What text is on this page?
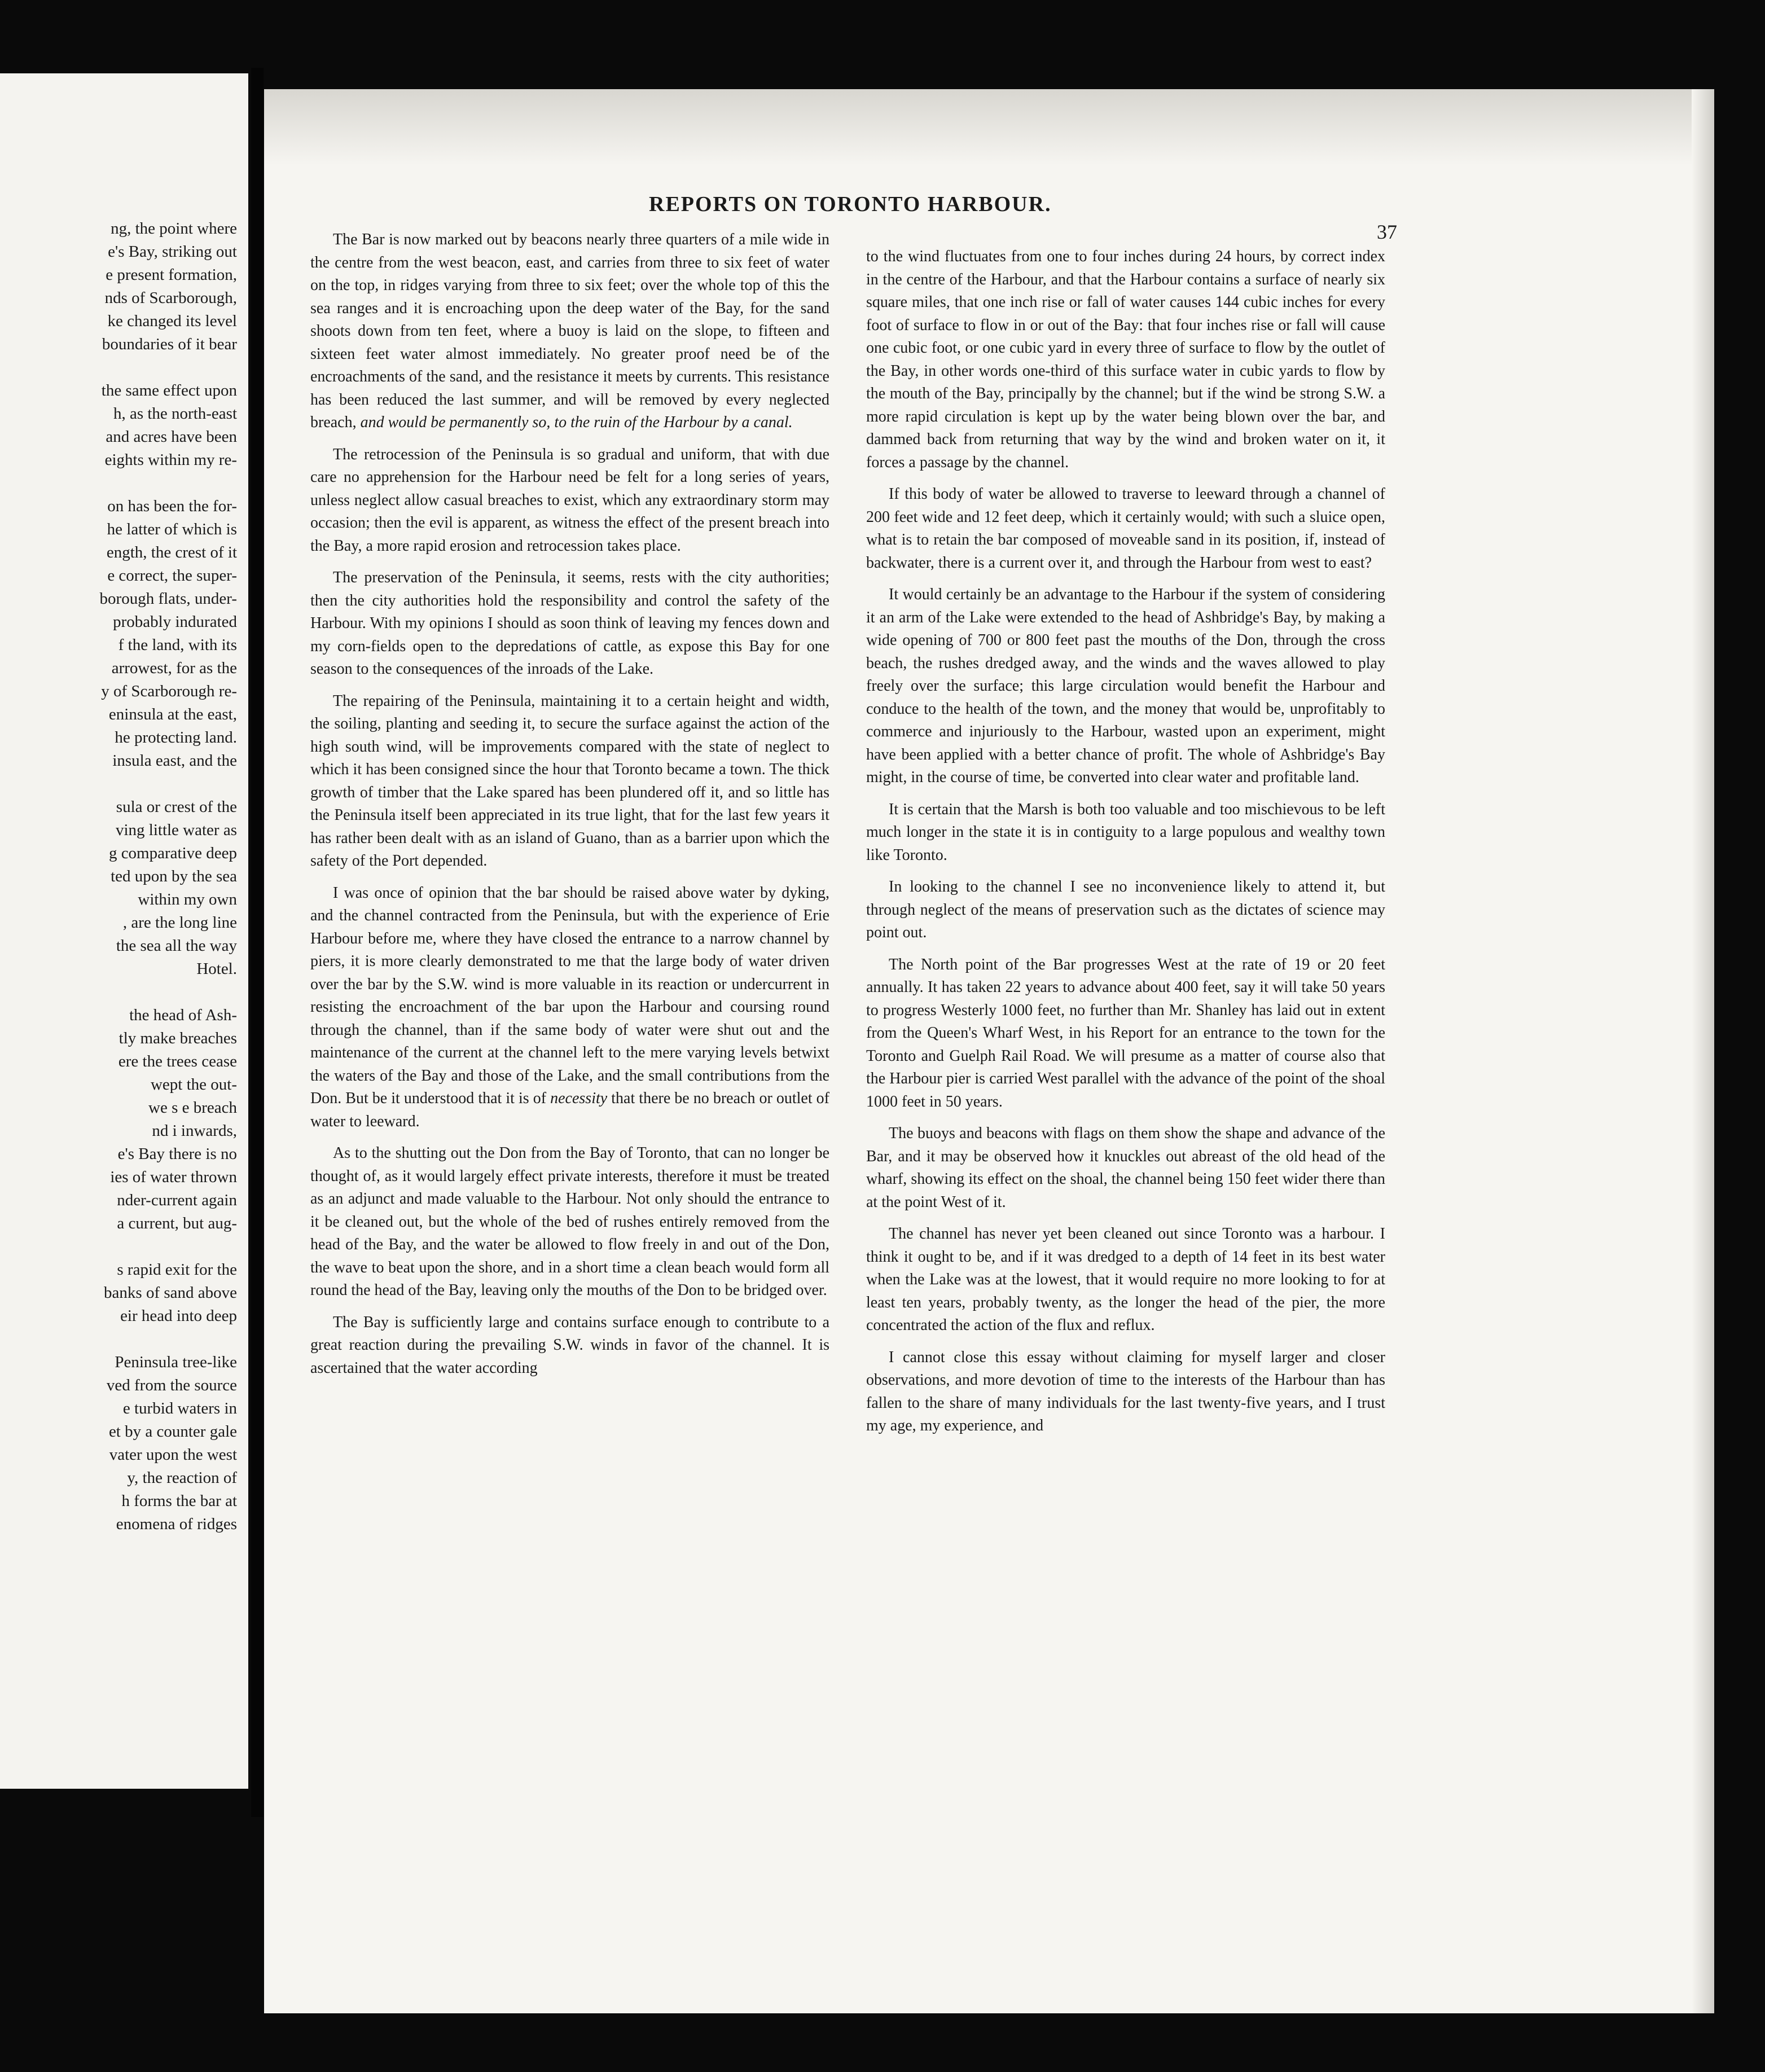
ng, the point where
e's Bay, striking out
e present formation,
nds of Scarborough,
ke changed its level
boundaries of it bear
the same effect upon
h, as the north-east
and acres have been
eights within my re-
on has been the for-
he latter of which is
ength, the crest of it
e correct, the super-
borough flats, under-
probably indurated
f the land, with its
arrowest, for as the
y of Scarborough re-
eninsula at the east,
he protecting land.
insula east, and the
sula or crest of the
ving little water as
g comparative deep
ted upon by the sea
within my own
, are the long line
the sea all the way
Hotel.
the head of Ash-
tly make breaches
ere the trees cease
wept the out-
we s e breach
nd i inwards,
e's Bay there is no
ies of water thrown
nder-current again
a current, but aug-
s rapid exit for the
banks of sand above
eir head into deep
Peninsula tree-like
ved from the source
e turbid waters in
et by a counter gale
vater upon the west
y, the reaction of
h forms the bar at
enomena of ridges
REPORTS ON TORONTO HARBOUR.
37

The Bar is now marked out by beacons nearly three quarters of a mile wide in the centre from the west beacon, east, and carries from three to six feet of water on the top, in ridges varying from three to six feet; over the whole top of this the sea ranges and it is encroaching upon the deep water of the Bay, for the sand shoots down from ten feet, where a buoy is laid on the slope, to fifteen and sixteen feet water almost immediately. No greater proof need be of the encroachments of the sand, and the resistance it meets by currents. This resistance has been reduced the last summer, and will be removed by every neglected breach, and would be permanently so, to the ruin of the Harbour by a canal.

The retrocession of the Peninsula is so gradual and uniform, that with due care no apprehension for the Harbour need be felt for a long series of years, unless neglect allow casual breaches to exist, which any extraordinary storm may occasion; then the evil is apparent, as witness the effect of the present breach into the Bay, a more rapid erosion and retrocession takes place.

The preservation of the Peninsula, it seems, rests with the city authorities; then the city authorities hold the responsibility and control the safety of the Harbour. With my opinions I should as soon think of leaving my fences down and my corn-fields open to the depredations of cattle, as expose this Bay for one season to the consequences of the inroads of the Lake.

The repairing of the Peninsula, maintaining it to a certain height and width, the soiling, planting and seeding it, to secure the surface against the action of the high south wind, will be improvements compared with the state of neglect to which it has been consigned since the hour that Toronto became a town. The thick growth of timber that the Lake spared has been plundered off it, and so little has the Peninsula itself been appreciated in its true light, that for the last few years it has rather been dealt with as an island of Guano, than as a barrier upon which the safety of the Port depended.

I was once of opinion that the bar should be raised above water by dyking, and the channel contracted from the Peninsula, but with the experience of Erie Harbour before me, where they have closed the entrance to a narrow channel by piers, it is more clearly demonstrated to me that the large body of water driven over the bar by the S.W. wind is more valuable in its reaction or undercurrent in resisting the encroachment of the bar upon the Harbour and coursing round through the channel, than if the same body of water were shut out and the maintenance of the current at the channel left to the mere varying levels betwixt the waters of the Bay and those of the Lake, and the small contributions from the Don. But be it understood that it is of necessity that there be no breach or outlet of water to leeward.

As to the shutting out the Don from the Bay of Toronto, that can no longer be thought of, as it would largely effect private interests, therefore it must be treated as an adjunct and made valuable to the Harbour. Not only should the entrance to it be cleaned out, but the whole of the bed of rushes entirely removed from the head of the Bay, and the water be allowed to flow freely in and out of the Don, the wave to beat upon the shore, and in a short time a clean beach would form all round the head of the Bay, leaving only the mouths of the Don to be bridged over.

The Bay is sufficiently large and contains surface enough to contribute to a great reaction during the prevailing S.W. winds in favor of the channel. It is ascertained that the water according

to the wind fluctuates from one to four inches during 24 hours, by correct index in the centre of the Harbour, and that the Harbour contains a surface of nearly six square miles, that one inch rise or fall of water causes 144 cubic inches for every foot of surface to flow in or out of the Bay: that four inches rise or fall will cause one cubic foot, or one cubic yard in every three of surface to flow by the outlet of the Bay, in other words one-third of this surface water in cubic yards to flow by the mouth of the Bay, principally by the channel; but if the wind be strong S.W. a more rapid circulation is kept up by the water being blown over the bar, and dammed back from returning that way by the wind and broken water on it, it forces a passage by the channel.

If this body of water be allowed to traverse to leeward through a channel of 200 feet wide and 12 feet deep, which it certainly would; with such a sluice open, what is to retain the bar composed of moveable sand in its position, if, instead of backwater, there is a current over it, and through the Harbour from west to east?

It would certainly be an advantage to the Harbour if the system of considering it an arm of the Lake were extended to the head of Ashbridge's Bay, by making a wide opening of 700 or 800 feet past the mouths of the Don, through the cross beach, the rushes dredged away, and the winds and the waves allowed to play freely over the surface; this large circulation would benefit the Harbour and conduce to the health of the town, and the money that would be, unprofitably to commerce and injuriously to the Harbour, wasted upon an experiment, might have been applied with a better chance of profit. The whole of Ashbridge's Bay might, in the course of time, be converted into clear water and profitable land.

It is certain that the Marsh is both too valuable and too mischievous to be left much longer in the state it is in contiguity to a large populous and wealthy town like Toronto.

In looking to the channel I see no inconvenience likely to attend it, but through neglect of the means of preservation such as the dictates of science may point out.

The North point of the Bar progresses West at the rate of 19 or 20 feet annually. It has taken 22 years to advance about 400 feet, say it will take 50 years to progress Westerly 1000 feet, no further than Mr. Shanley has laid out in extent from the Queen's Wharf West, in his Report for an entrance to the town for the Toronto and Guelph Rail Road. We will presume as a matter of course also that the Harbour pier is carried West parallel with the advance of the point of the shoal 1000 feet in 50 years.

The buoys and beacons with flags on them show the shape and advance of the Bar, and it may be observed how it knuckles out abreast of the old head of the wharf, showing its effect on the shoal, the channel being 150 feet wider there than at the point West of it.

The channel has never yet been cleaned out since Toronto was a harbour. I think it ought to be, and if it was dredged to a depth of 14 feet in its best water when the Lake was at the lowest, that it would require no more looking to for at least ten years, probably twenty, as the longer the head of the pier, the more concentrated the action of the flux and reflux.

I cannot close this essay without claiming for myself larger and closer observations, and more devotion of time to the interests of the Harbour than has fallen to the share of many individuals for the last twenty-five years, and I trust my age, my experience, and
